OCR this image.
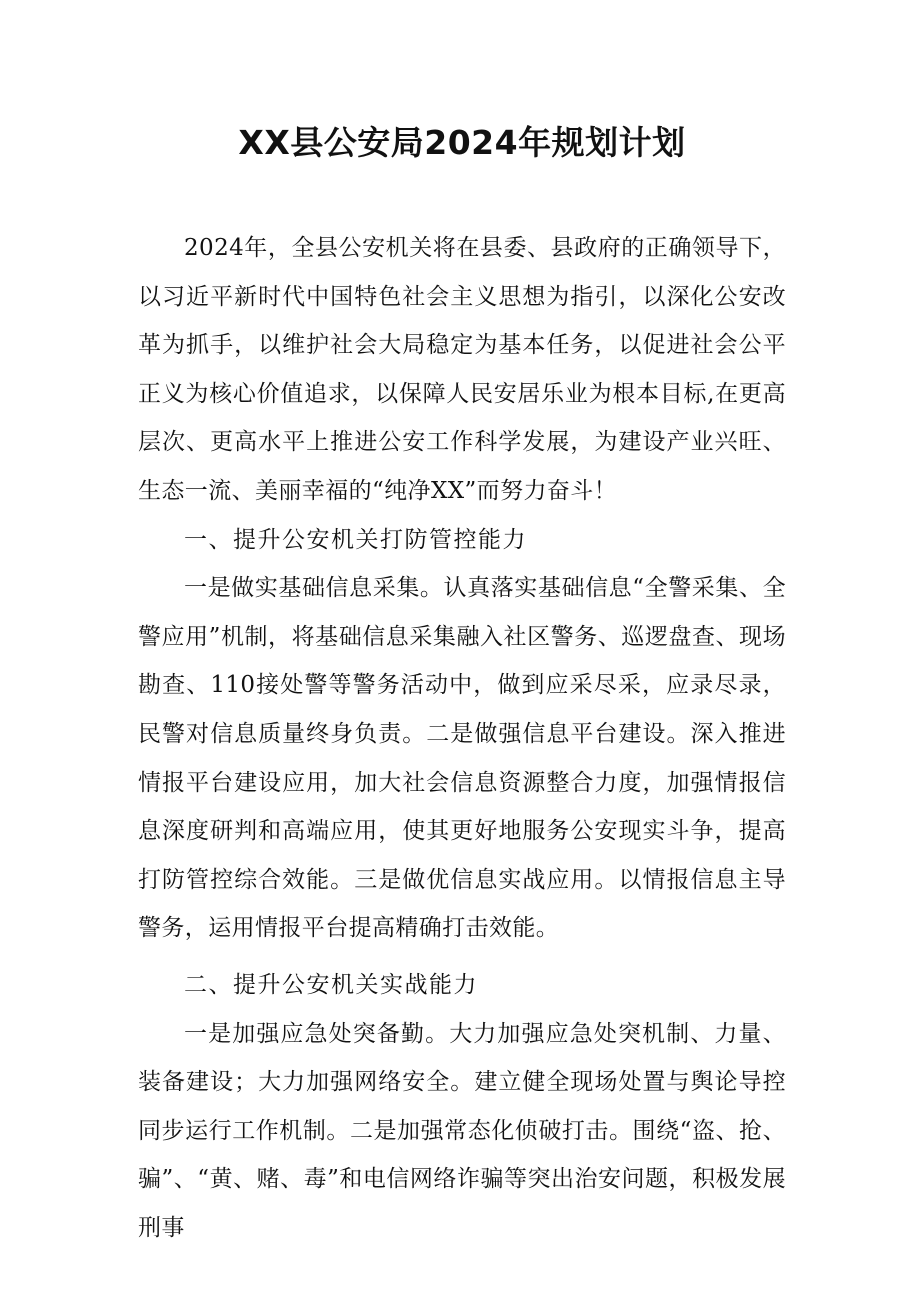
XX县公安局2024年规划计划

2024年，全县公安机关将在县委、县政府的正确领导下，以习近平新时代中国特色社会主义思想为指引，以深化公安改革为抓手，以维护社会大局稳定为基本任务，以促进社会公平正义为核心价值追求，以保障人民安居乐业为根本目标,在更高层次、更高水平上推进公安工作科学发展，为建设产业兴旺、生态一流、美丽幸福的“纯净XX”而努力奋斗！

一、提升公安机关打防管控能力

一是做实基础信息采集。认真落实基础信息“全警采集、全警应用”机制，将基础信息采集融入社区警务、巡逻盘查、现场勘查、110接处警等警务活动中，做到应采尽采，应录尽录，民警对信息质量终身负责。二是做强信息平台建设。深入推进情报平台建设应用，加大社会信息资源整合力度，加强情报信息深度研判和高端应用，使其更好地服务公安现实斗争，提高打防管控综合效能。三是做优信息实战应用。以情报信息主导警务，运用情报平台提高精确打击效能。

二、提升公安机关实战能力

一是加强应急处突备勤。大力加强应急处突机制、力量、装备建设；大力加强网络安全。建立健全现场处置与舆论导控同步运行工作机制。二是加强常态化侦破打击。围绕“盗、抢、骗”、“黄、赌、毒”和电信网络诈骗等突出治安问题，积极发展刑事
